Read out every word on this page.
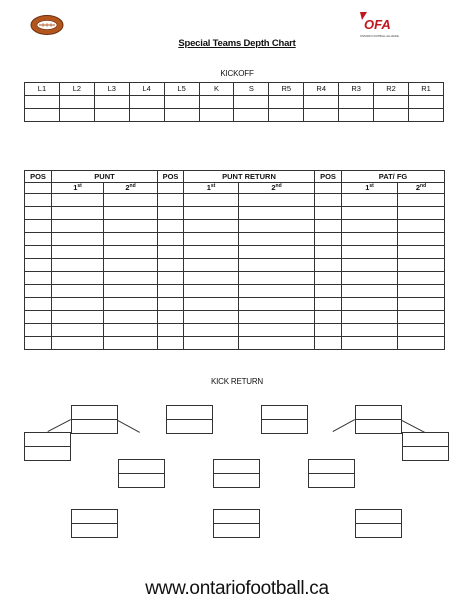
OFA
ONTARIO FOOTBALL ALLIANCE
Special Teams Depth Chart
KICKOFF
L1	L2	L3	L4	L5	K	S	R5	R4	R3	R2	R1

POS	PUNT		POS	PUNT RETURN		POS	PAT/ FG	
	1st	2nd		1st	2nd		1st	2nd

KICK RETURN
www.ontariofootball.ca
